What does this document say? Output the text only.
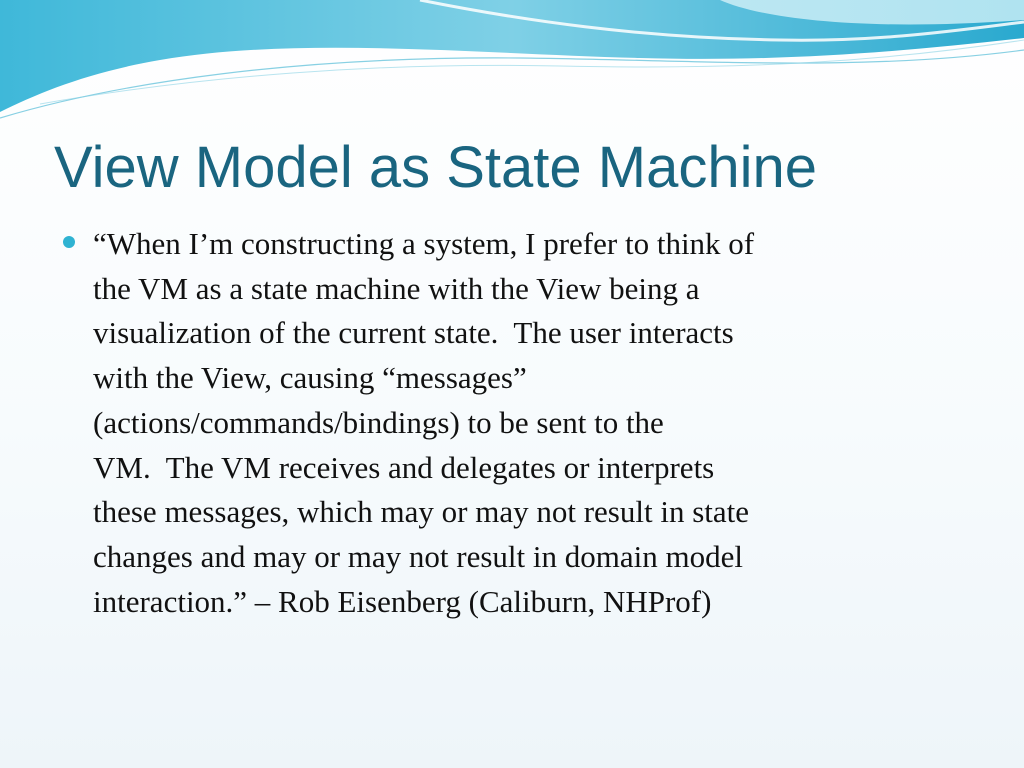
View Model as State Machine

“When I’m constructing a system, I prefer to think of
the VM as a state machine with the View being a
visualization of the current state.  The user interacts
with the View, causing “messages”
(actions/commands/bindings) to be sent to the
VM.  The VM receives and delegates or interprets
these messages, which may or may not result in state
changes and may or may not result in domain model
interaction.” – Rob Eisenberg (Caliburn, NHProf)
